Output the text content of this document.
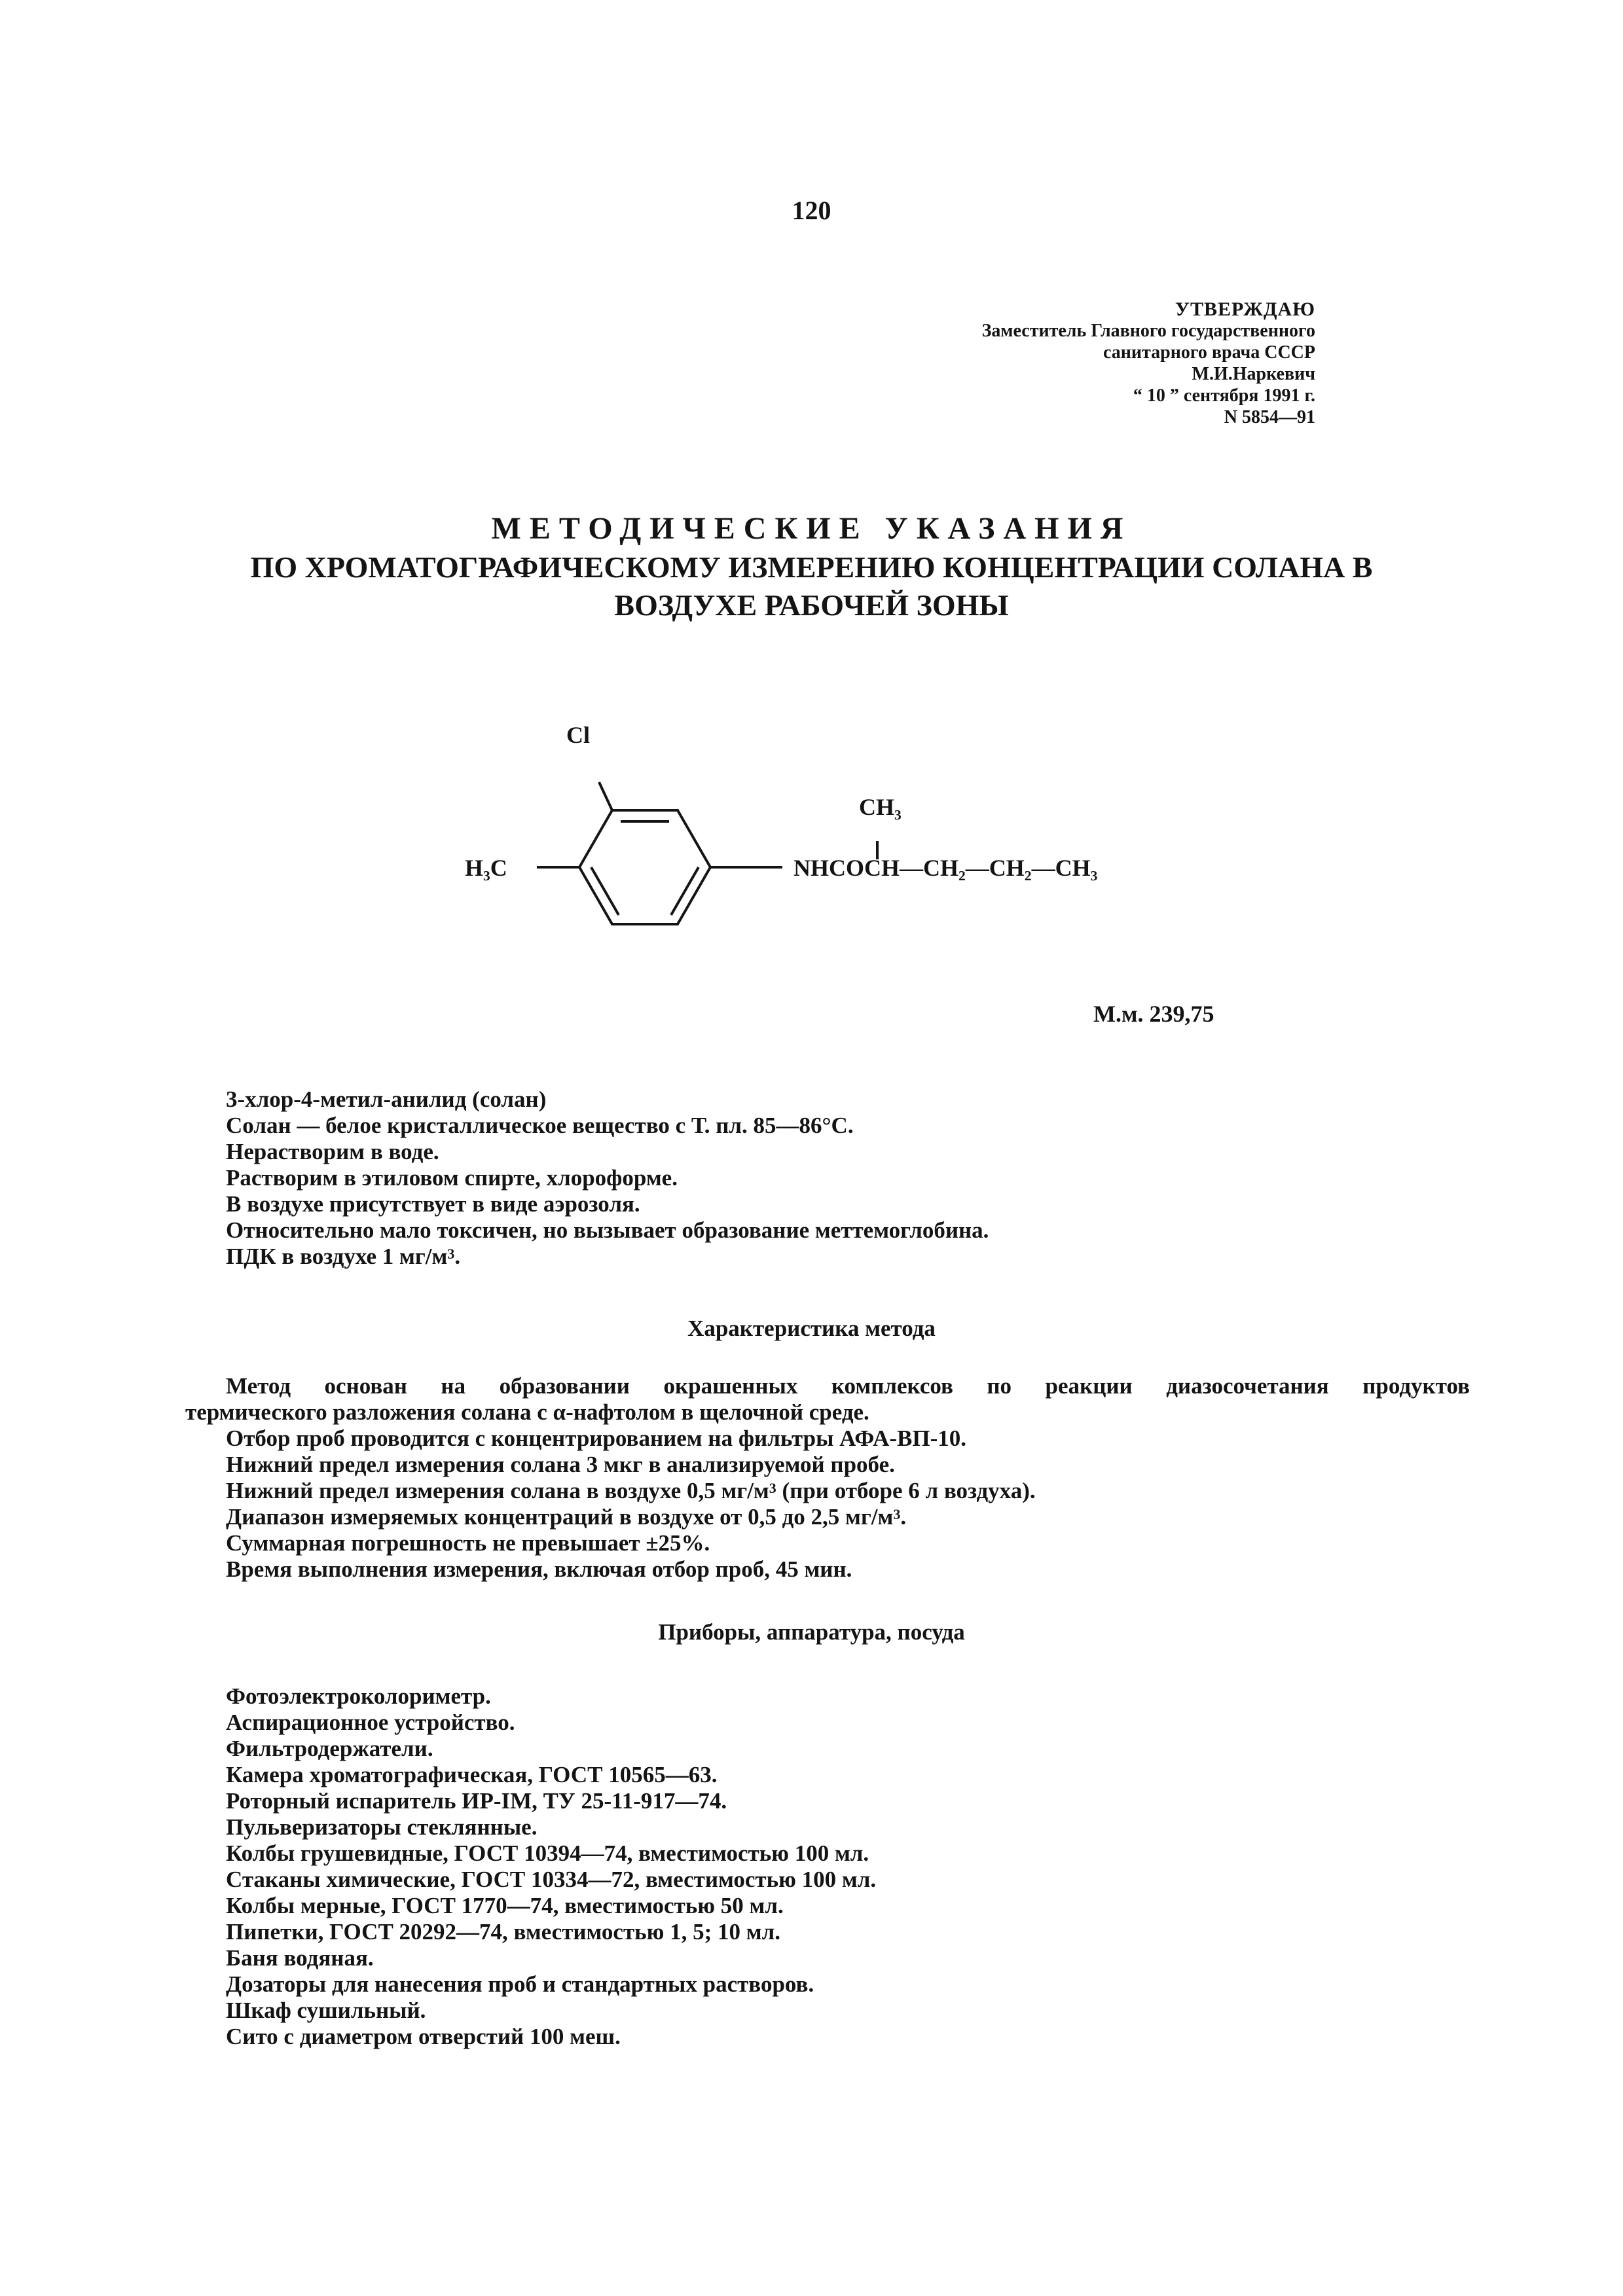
120
УТВЕРЖДАЮ
Заместитель Главного государственного
санитарного врача СССР
М.И.Наркевич
“ 10 ” сентября 1991 г.
N 5854—91
МЕТОДИЧЕСКИЕ УКАЗАНИЯ
ПО ХРОМАТОГРАФИЧЕСКОМУ ИЗМЕРЕНИЮ КОНЦЕНТРАЦИИ СОЛАНА В
ВОЗДУХЕ РАБОЧЕЙ ЗОНЫ
Cl
H₃C
CH₃
NHCOCH—CH₂—CH₂—CH₃
М.м. 239,75
3-хлор-4-метил-анилид (солан)
Солан — белое кристаллическое вещество с Т. пл. 85—86°С.
Нерастворим в воде.
Растворим в этиловом спирте, хлороформе.
В воздухе присутствует в виде аэрозоля.
Относительно мало токсичен, но вызывает образование меттемоглобина.
ПДК в воздухе 1 $мг/м^3$.
Характеристика метода
Метод основан на образовании окрашенных комплексов по реакции диазосочетания продуктов
термического разложения солана с α-нафтолом в щелочной среде.
Отбор проб проводится с концентрированием на фильтры АФА-ВП-10.
Нижний предел измерения солана 3 мкг в анализируемой пробе.
Нижний предел измерения солана в воздухе 0,5 $мг/м^3$ (при отборе 6 л воздуха).
Диапазон измеряемых концентраций в воздухе от 0,5 до 2,5 $мг/м^3$.
Суммарная погрешность не превышает ±25%.
Время выполнения измерения, включая отбор проб, 45 мин.
Приборы, аппаратура, посуда
Фотоэлектроколориметр.
Аспирационное устройство.
Фильтродержатели.
Камера хроматографическая, ГОСТ 10565—63.
Роторный испаритель ИР-IМ, ТУ 25-11-917—74.
Пульверизаторы стеклянные.
Колбы грушевидные, ГОСТ 10394—74, вместимостью 100 мл.
Стаканы химические, ГОСТ 10334—72, вместимостью 100 мл.
Колбы мерные, ГОСТ 1770—74, вместимостью 50 мл.
Пипетки, ГОСТ 20292—74, вместимостью 1, 5; 10 мл.
Баня водяная.
Дозаторы для нанесения проб и стандартных растворов.
Шкаф сушильный.
Сито с диаметром отверстий 100 меш.
